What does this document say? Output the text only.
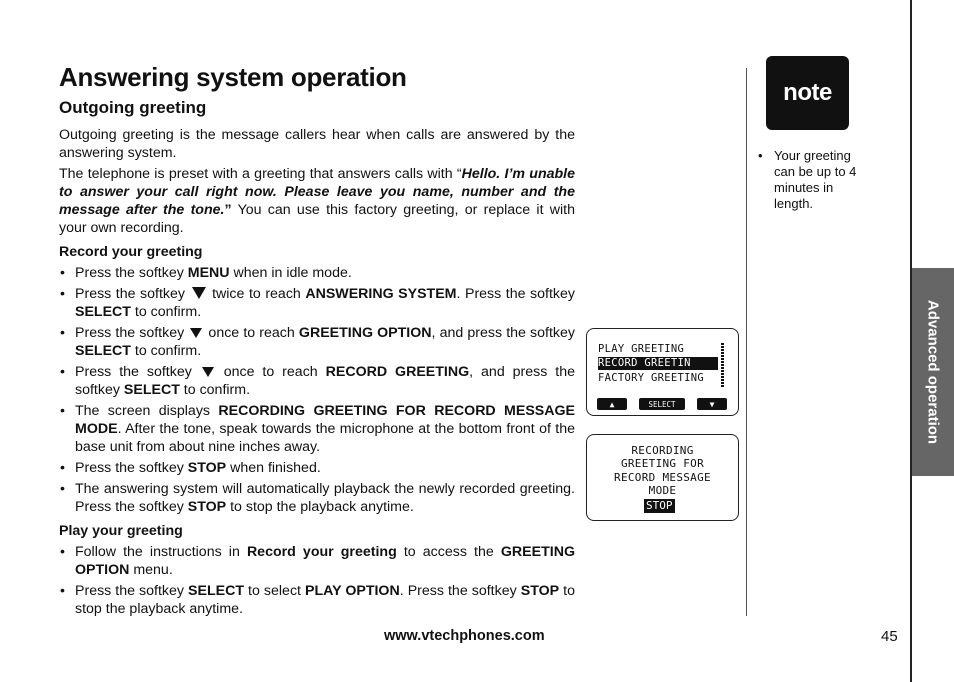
Advanced operation
Answering system operation
Outgoing greeting

Outgoing greeting is the message callers hear when calls are answered by the answering system.

The telephone is preset with a greeting that answers calls with “Hello. I’m unable to answer your call right now. Please leave you name, number and the message after the tone.” You can use this factory greeting, or replace it with your own recording.

Record your greeting
• Press the softkey MENU when in idle mode.
• Press the softkey  twice to reach ANSWERING SYSTEM. Press the softkey SELECT to confirm.
• Press the softkey  once to reach GREETING OPTION, and press the softkey SELECT to confirm.
• Press the softkey  once to reach RECORD GREETING, and press the softkey SELECT to confirm.
• The screen displays RECORDING GREETING FOR RECORD MESSAGE MODE. After the tone, speak towards the microphone at the bottom front of the base unit from about nine inches away.
• Press the softkey STOP when finished.
• The answering system will automatically playback the newly recorded greeting. Press the softkey STOP to stop the playback anytime.
Play your greeting
• Follow the instructions in Record your greeting to access the GREETING OPTION menu.
• Press the softkey SELECT to select PLAY OPTION. Press the softkey STOP to stop the playback anytime.
note
• Your greeting can be up to 4 minutes in length.
PLAY GREETING
RECORD GREETIN
FACTORY GREETING
▲	SELECT	▼
RECORDING
GREETING FOR
RECORD MESSAGE
MODE
STOP
www.vtechphones.com	45
